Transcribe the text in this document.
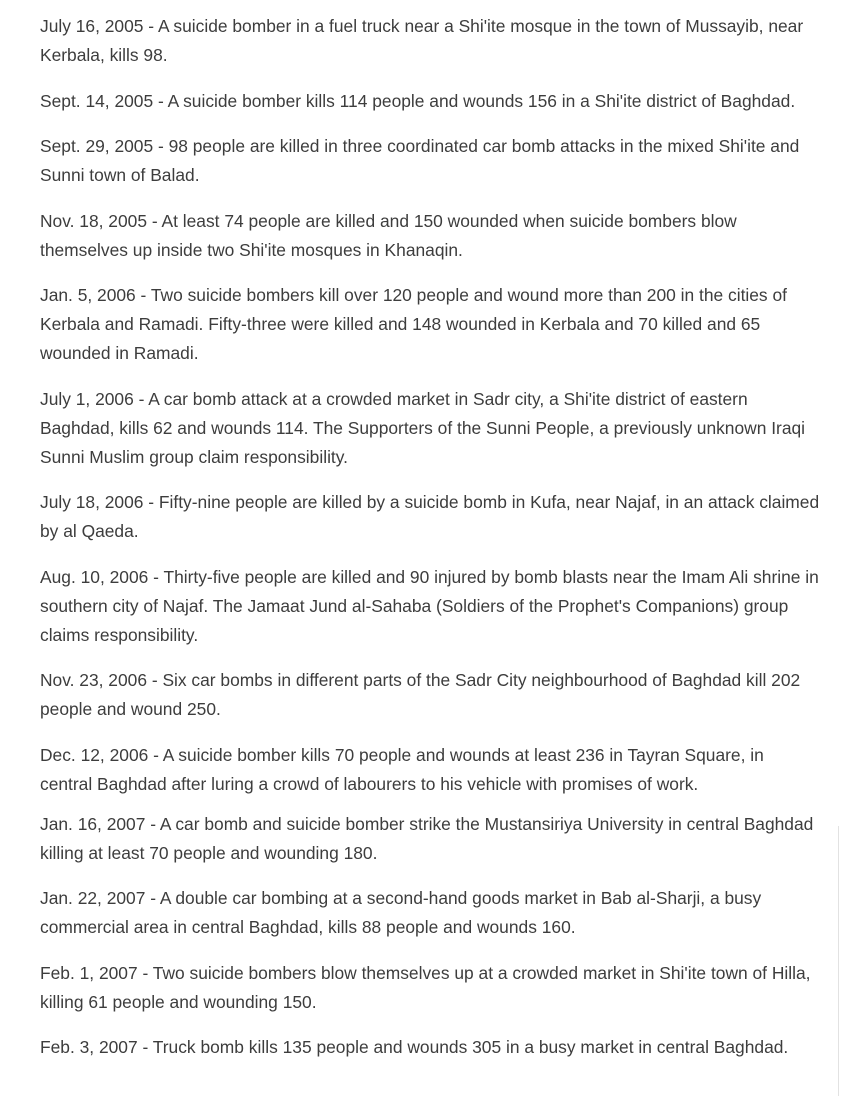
July 16, 2005 - A suicide bomber in a fuel truck near a Shi'ite mosque in the town of Mussayib, near Kerbala, kills 98.

Sept. 14, 2005 - A suicide bomber kills 114 people and wounds 156 in a Shi'ite district of Baghdad.

Sept. 29, 2005 - 98 people are killed in three coordinated car bomb attacks in the mixed Shi'ite and Sunni town of Balad.

Nov. 18, 2005 - At least 74 people are killed and 150 wounded when suicide bombers blow themselves up inside two Shi'ite mosques in Khanaqin.

Jan. 5, 2006 - Two suicide bombers kill over 120 people and wound more than 200 in the cities of Kerbala and Ramadi. Fifty-three were killed and 148 wounded in Kerbala and 70 killed and 65 wounded in Ramadi.

July 1, 2006 - A car bomb attack at a crowded market in Sadr city, a Shi'ite district of eastern Baghdad, kills 62 and wounds 114. The Supporters of the Sunni People, a previously unknown Iraqi Sunni Muslim group claim responsibility.

July 18, 2006 - Fifty-nine people are killed by a suicide bomb in Kufa, near Najaf, in an attack claimed by al Qaeda.

Aug. 10, 2006 - Thirty-five people are killed and 90 injured by bomb blasts near the Imam Ali shrine in southern city of Najaf. The Jamaat Jund al-Sahaba (Soldiers of the Prophet's Companions) group claims responsibility.

Nov. 23, 2006 - Six car bombs in different parts of the Sadr City neighbourhood of Baghdad kill 202 people and wound 250.

Dec. 12, 2006 - A suicide bomber kills 70 people and wounds at least 236 in Tayran Square, in central Baghdad after luring a crowd of labourers to his vehicle with promises of work.

Jan. 16, 2007 - A car bomb and suicide bomber strike the Mustansiriya University in central Baghdad killing at least 70 people and wounding 180.

Jan. 22, 2007 - A double car bombing at a second-hand goods market in Bab al-Sharji, a busy commercial area in central Baghdad, kills 88 people and wounds 160.

Feb. 1, 2007 - Two suicide bombers blow themselves up at a crowded market in Shi'ite town of Hilla, killing 61 people and wounding 150.

Feb. 3, 2007 - Truck bomb kills 135 people and wounds 305 in a busy market in central Baghdad.
